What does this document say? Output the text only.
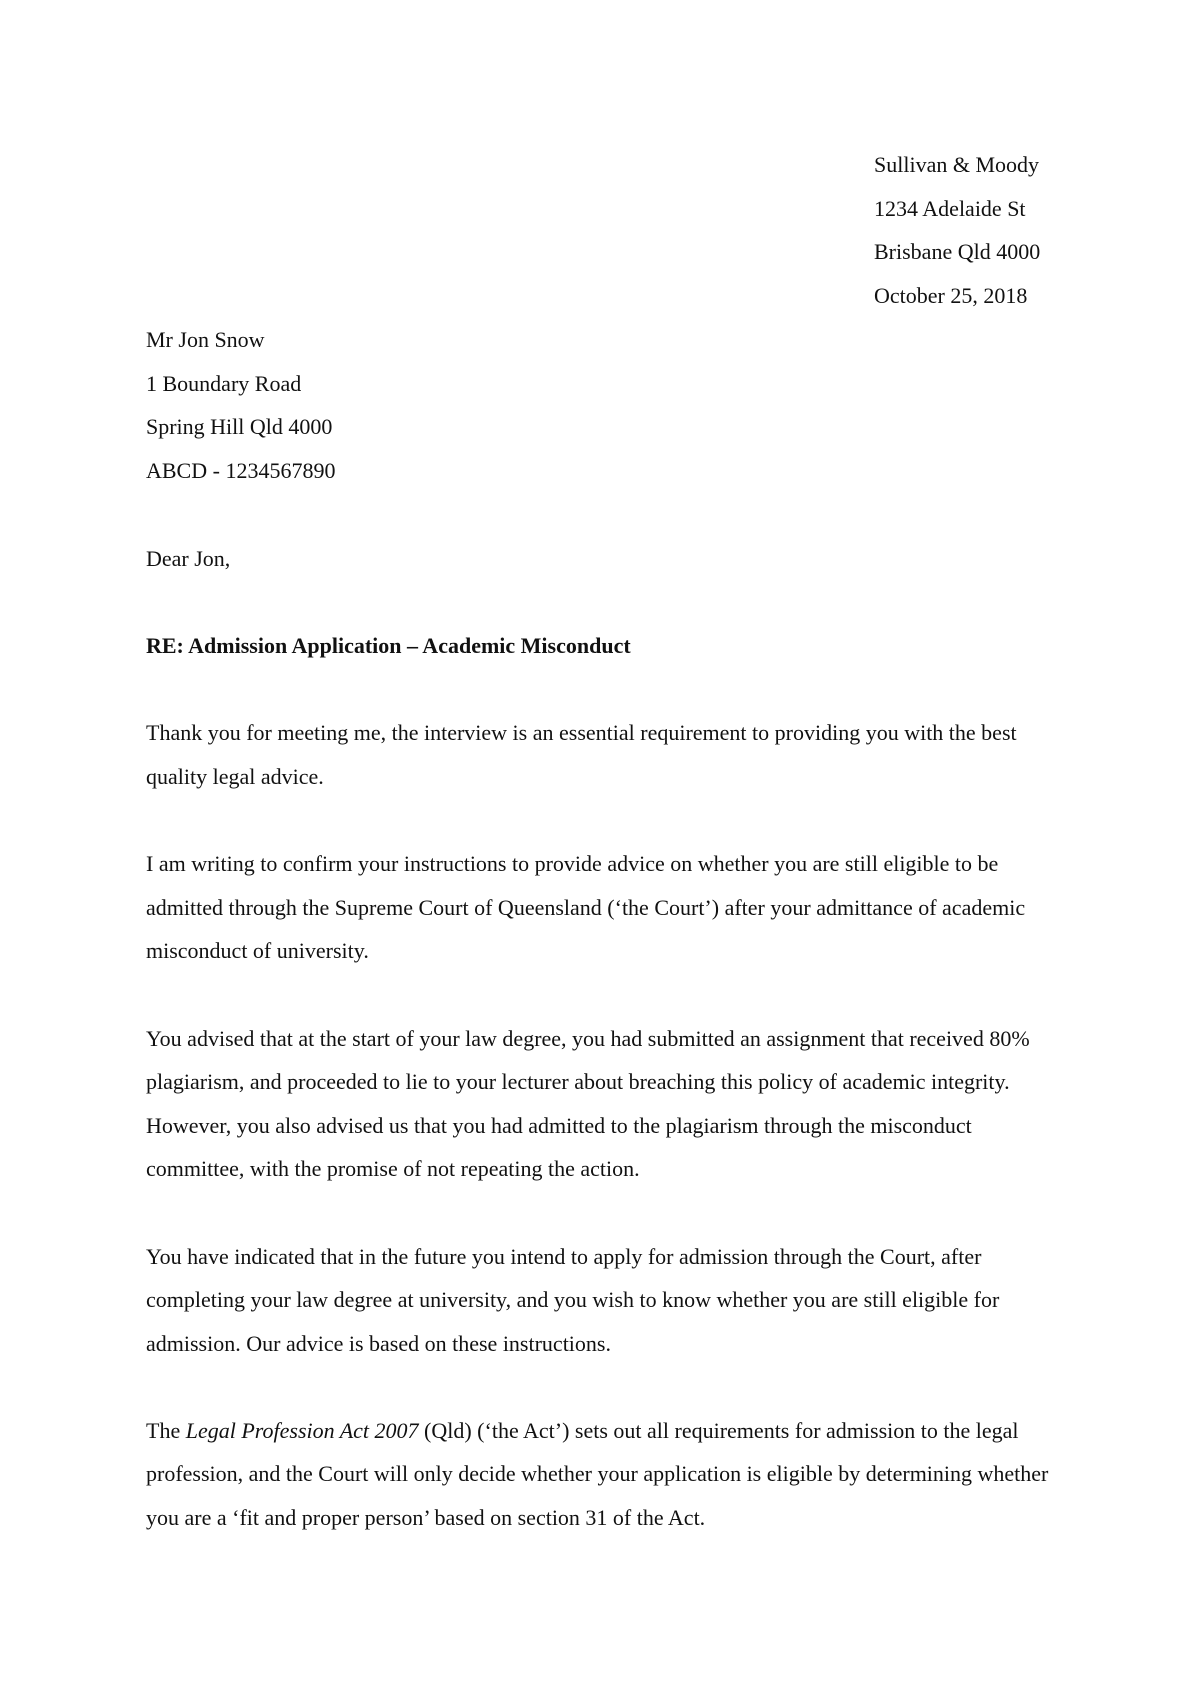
Sullivan & Moody
1234 Adelaide St
Brisbane Qld 4000
October 25, 2018
Mr Jon Snow
1 Boundary Road
Spring Hill Qld 4000
ABCD - 1234567890

Dear Jon,

RE: Admission Application – Academic Misconduct

Thank you for meeting me, the interview is an essential requirement to providing you with the best quality legal advice.

I am writing to confirm your instructions to provide advice on whether you are still eligible to be admitted through the Supreme Court of Queensland (‘the Court’) after your admittance of academic misconduct of university.

You advised that at the start of your law degree, you had submitted an assignment that received 80% plagiarism, and proceeded to lie to your lecturer about breaching this policy of academic integrity. However, you also advised us that you had admitted to the plagiarism through the misconduct committee, with the promise of not repeating the action.

You have indicated that in the future you intend to apply for admission through the Court, after completing your law degree at university, and you wish to know whether you are still eligible for admission. Our advice is based on these instructions.

The Legal Profession Act 2007 (Qld) (‘the Act’) sets out all requirements for admission to the legal profession, and the Court will only decide whether your application is eligible by determining whether you are a ‘fit and proper person’ based on section 31 of the Act.
